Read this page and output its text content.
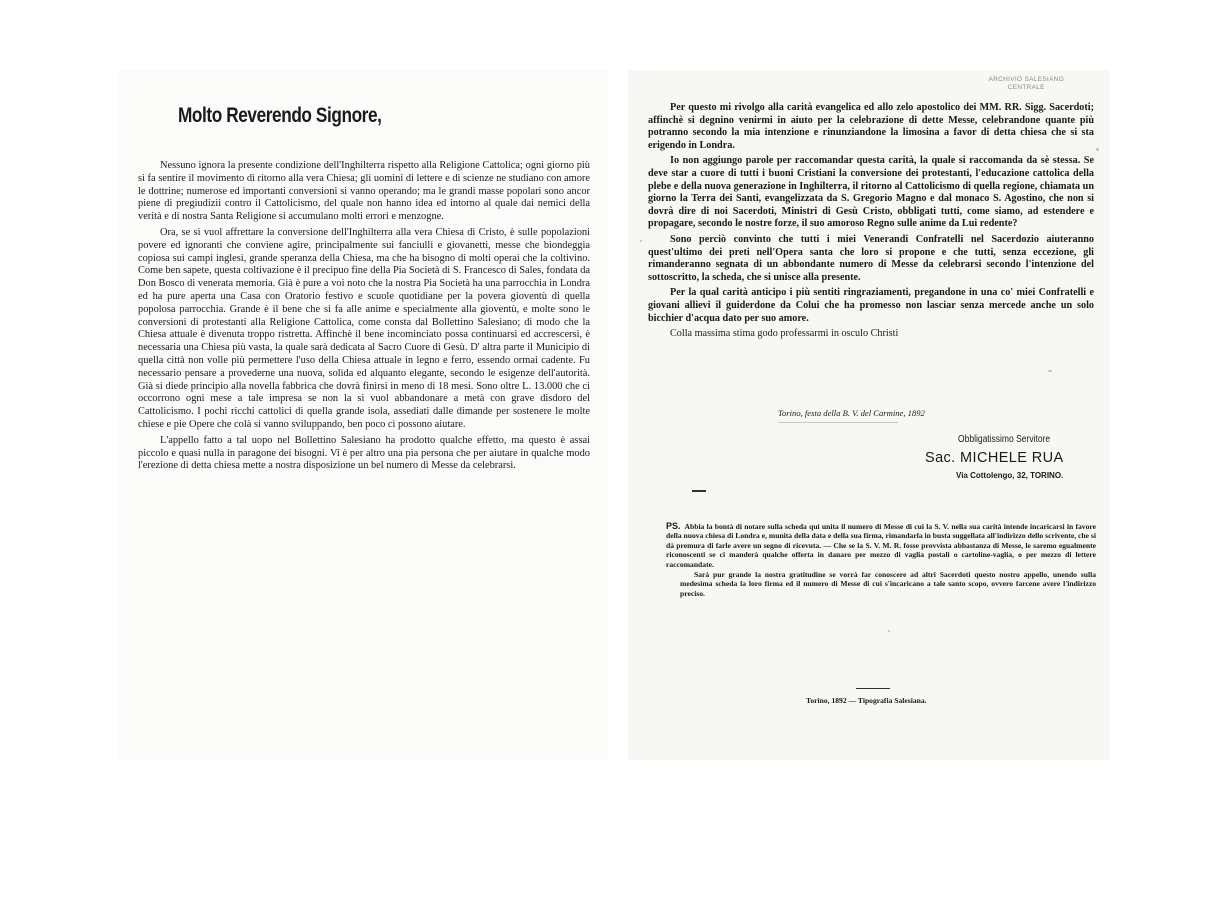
Molto Reverendo Signore,

Nessuno ignora la presente condizione dell'Inghilterra rispetto alla Religione Cattolica; ogni giorno più si fa sentire il movimento di ritorno alla vera Chiesa; gli uomini di lettere e di scienze ne studiano con amore le dottrine; numerose ed importanti conversioni si vanno operando; ma le grandi masse popolari sono ancor piene di pregiudizii contro il Cattolicismo, del quale non hanno idea ed intorno al quale dai nemici della verità e di nostra Santa Religione si accumulano molti errori e menzogne.

Ora, se si vuol affrettare la conversione dell'Inghilterra alla vera Chiesa di Cristo, è sulle popolazioni povere ed ignoranti che conviene agire, principalmente sui fanciulli e giovanetti, messe che biondeggia copiosa sui campi inglesi, grande speranza della Chiesa, ma che ha bisogno di molti operai che la coltivino. Come ben sapete, questa coltivazione è il precipuo fine della Pia Società di S. Francesco di Sales, fondata da Don Bosco di venerata memoria. Già è pure a voi noto che la nostra Pia Società ha una parrocchia in Londra ed ha pure aperta una Casa con Oratorio festivo e scuole quotidiane per la povera gioventù di quella popolosa parrocchia. Grande è il bene che si fa alle anime e specialmente alla gioventù, e molte sono le conversioni di protestanti alla Religione Cattolica, come consta dal Bollettino Salesiano; di modo che la Chiesa attuale è divenuta troppo ristretta. Affinchè il bene incominciato possa continuarsi ed accrescersi, è necessaria una Chiesa più vasta, la quale sarà dedicata al Sacro Cuore di Gesù. D' altra parte il Municipio di quella città non volle più permettere l'uso della Chiesa attuale in legno e ferro, essendo ormai cadente. Fu necessario pensare a provederne una nuova, solida ed alquanto elegante, secondo le esigenze dell'autorità. Già si diede principio alla novella fabbrica che dovrà finirsi in meno di 18 mesi. Sono oltre L. 13.000 che ci occorrono ogni mese a tale impresa se non la si vuol abbandonare a metà con grave disdoro del Cattolicismo. I pochi ricchi cattolici di quella grande isola, assediati dalle dimande per sostenere le molte chiese e pie Opere che colà si vanno sviluppando, ben poco ci possono aiutare.

L'appello fatto a tal uopo nel Bollettino Salesiano ha prodotto qualche effetto, ma questo è assai piccolo e quasi nulla in paragone dei bisogni. Vi è per altro una pia persona che per aiutare in qualche modo l'erezione di detta chiesa mette a nostra disposizione un bel numero di Messe da celebrarsi.

ARCHIVIO SALESIANO
CENTRALE

Per questo mi rivolgo alla carità evangelica ed allo zelo apostolico dei MM. RR. Sigg. Sacerdoti; affinchè si degnino venirmi in aiuto per la celebrazione di dette Messe, celebrandone quante più potranno secondo la mia intenzione e rinunziandone la limosina a favor di detta chiesa che si sta erigendo in Londra.

Io non aggiungo parole per raccomandar questa carità, la quale si raccomanda da sè stessa. Se deve star a cuore di tutti i buoni Cristiani la conversione dei protestanti, l'educazione cattolica della plebe e della nuova generazione in Inghilterra, il ritorno al Cattolicismo di quella regione, chiamata un giorno la Terra dei Santi, evangelizzata da S. Gregorio Magno e dal monaco S. Agostino, che non si dovrà dire di noi Sacerdoti, Ministri di Gesù Cristo, obbligati tutti, come siamo, ad estendere e propagare, secondo le nostre forze, il suo amoroso Regno sulle anime da Lui redente?

Sono perciò convinto che tutti i miei Venerandi Confratelli nel Sacerdozio aiuteranno quest'ultimo dei preti nell'Opera santa che loro si propone e che tutti, senza eccezione, gli rimanderanno segnata di un abbondante numero di Messe da celebrarsi secondo l'intenzione del sottoscritto, la scheda, che si unisce alla presente.

Per la qual carità anticipo i più sentiti ringraziamenti, pregandone in una co' miei Confratelli e giovani allievi il guiderdone da Colui che ha promesso non lasciar senza mercede anche un solo bicchier d'acqua dato per suo amore.

Colla massima stima godo professarmi in osculo Christi

Torino, festa della B. V. del Carmine, 1892
Obbligatissimo Servitore
Sac. MICHELE RUA
Via Cottolengo, 32, TORINO.

PS. Abbia la bontà di notare sulla scheda qui unita il numero di Messe di cui la S. V. nella sua carità intende incaricarsi in favore della nuova chiesa di Londra e, munita della data e della sua firma, rimandarla in busta suggellata all'indirizzo dello scrivente, che si dà premura di farle avere un segno di ricevuta. — Che se la S. V. M. R. fosse provvista abbastanza di Messe, le saremo egualmente riconoscenti se ci manderà qualche offerta in danaro per mezzo di vaglia postali o cartoline-vaglia, o per mezzo di lettere raccomandate.

Sarà pur grande la nostra gratitudine se vorrà far conoscere ad altri Sacerdoti questo nostro appello, unendo sulla medesima scheda la loro firma ed il numero di Messe di cui s'incaricano a tale santo scopo, ovvero farcene avere l'indirizzo preciso.

Torino, 1892 — Tipografia Salesiana.
